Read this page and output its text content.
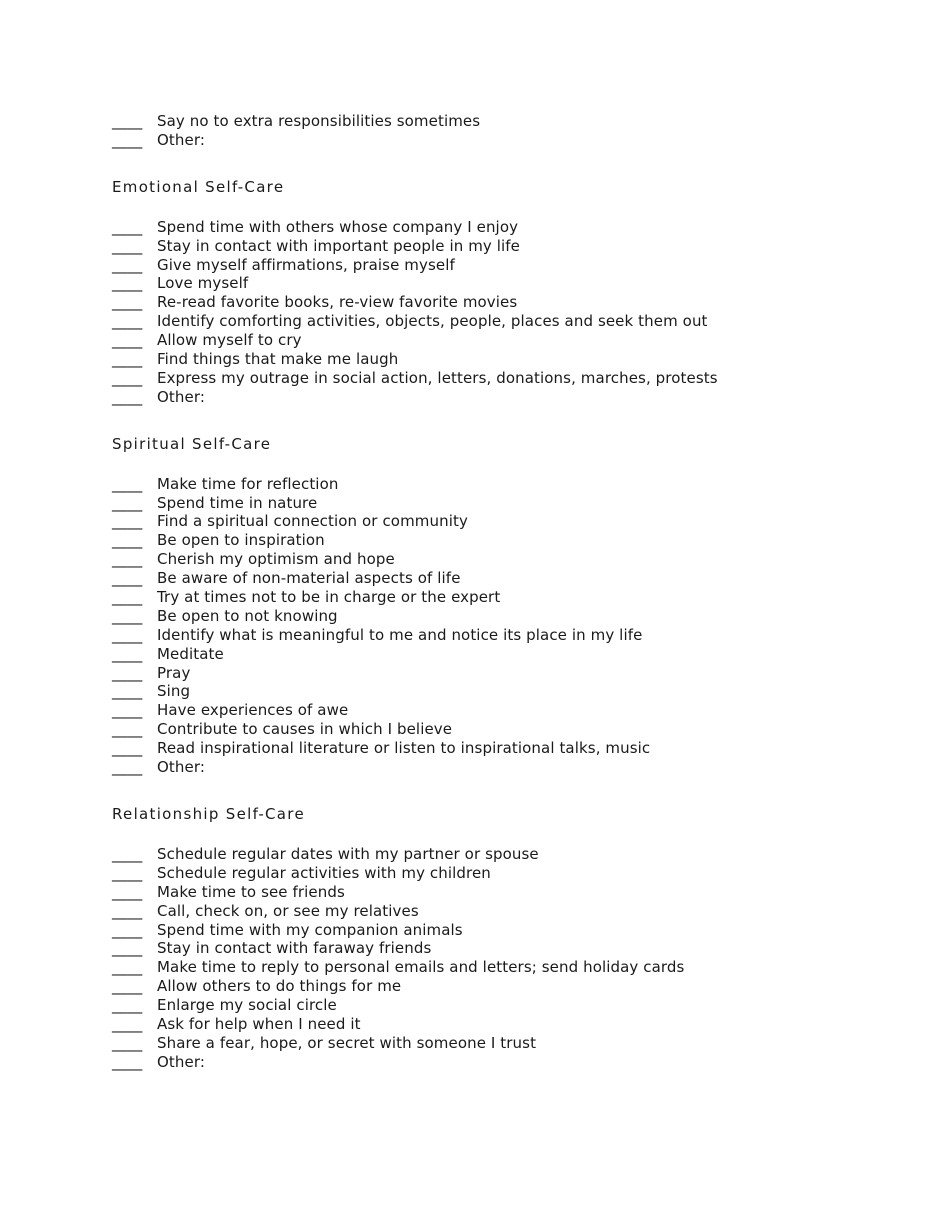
____ Say no to extra responsibilities sometimes
____ Other:
Emotional Self-Care
____ Spend time with others whose company I enjoy
____ Stay in contact with important people in my life
____ Give myself affirmations, praise myself
____ Love myself
____ Re-read favorite books, re-view favorite movies
____ Identify comforting activities, objects, people, places and seek them out
____ Allow myself to cry
____ Find things that make me laugh
____ Express my outrage in social action, letters, donations, marches, protests
____ Other:
Spiritual Self-Care
____ Make time for reflection
____ Spend time in nature
____ Find a spiritual connection or community
____ Be open to inspiration
____ Cherish my optimism and hope
____ Be aware of non-material aspects of life
____ Try at times not to be in charge or the expert
____ Be open to not knowing
____ Identify what is meaningful to me and notice its place in my life
____ Meditate
____ Pray
____ Sing
____ Have experiences of awe
____ Contribute to causes in which I believe
____ Read inspirational literature or listen to inspirational talks, music
____ Other:
Relationship Self-Care
____ Schedule regular dates with my partner or spouse
____ Schedule regular activities with my children
____ Make time to see friends
____ Call, check on, or see my relatives
____ Spend time with my companion animals
____ Stay in contact with faraway friends
____ Make time to reply to personal emails and letters; send holiday cards
____ Allow others to do things for me
____ Enlarge my social circle
____ Ask for help when I need it
____ Share a fear, hope, or secret with someone I trust
____ Other:
